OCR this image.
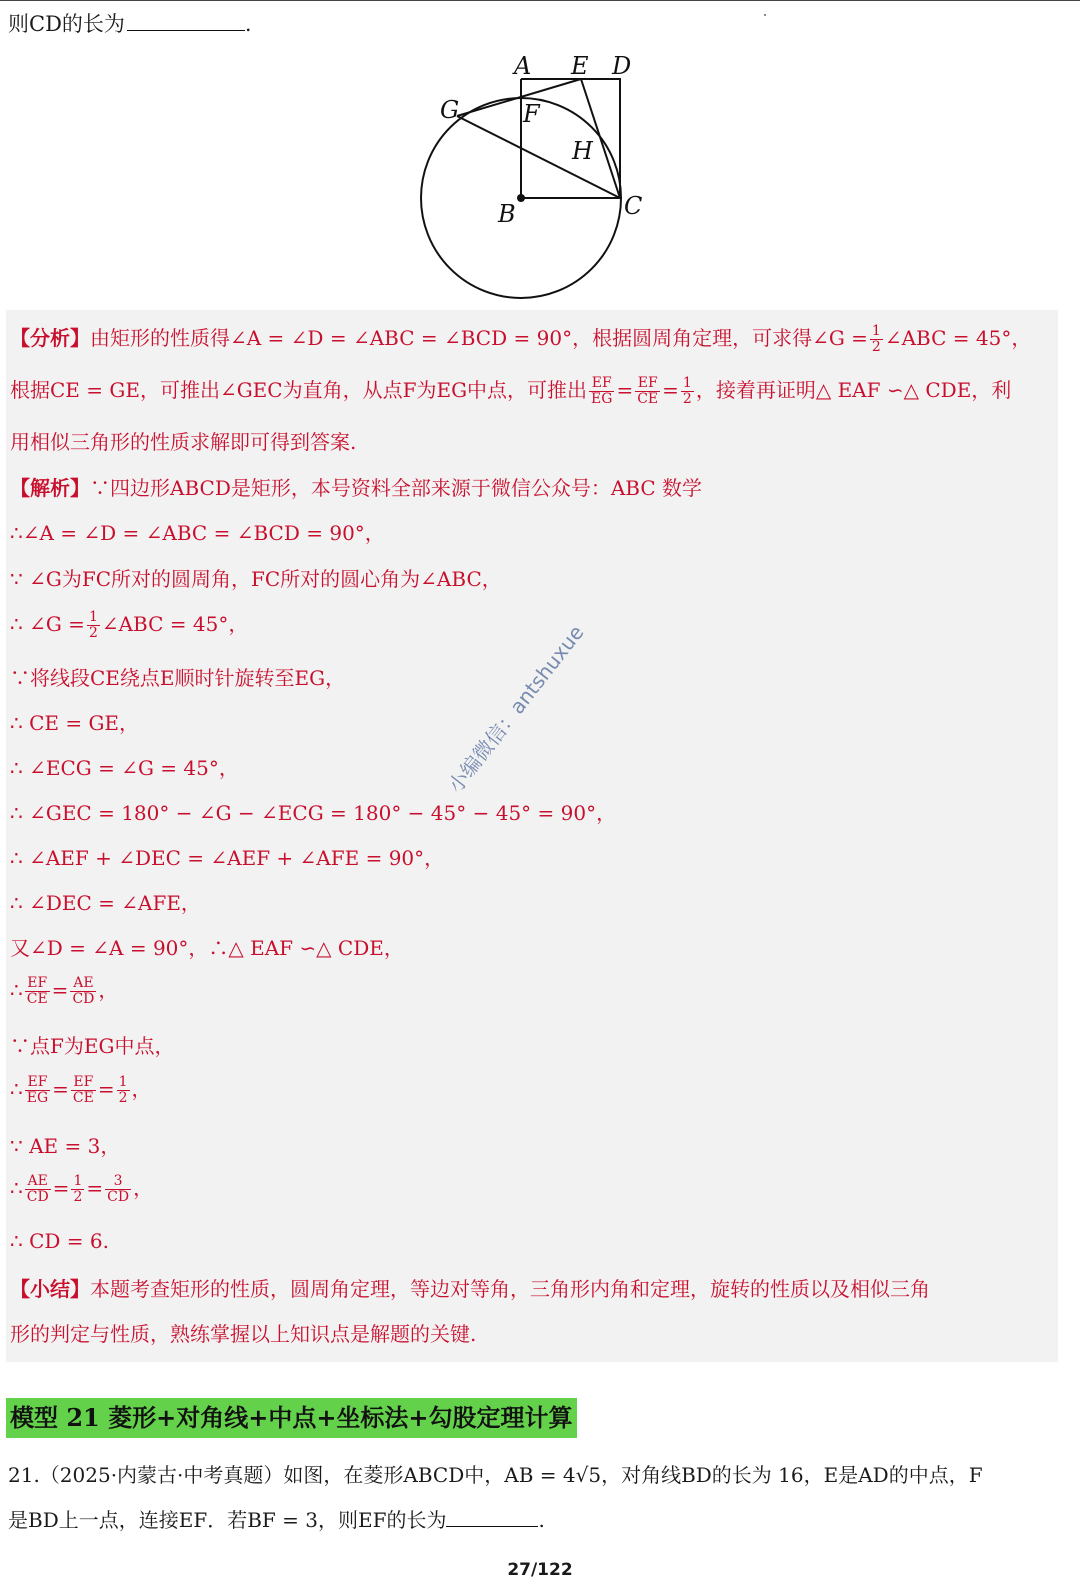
则CD的长为	.
A E D
G	F
H
B	C
【分析】由矩形的性质得∠A = ∠D = ∠ABC = ∠BCD = 90°，根据圆周角定理，可求得∠G = $\frac{1}{2}$ ∠ABC = 45°，
根据CE = GE，可推出∠GEC为直角，从点F为EG中点，可推出 $\frac{EF}{EG} = \frac{EF}{CE} = \frac{1}{2}$ ，接着再证明△ EAF ∽△ CDE，利
用相似三角形的性质求解即可得到答案.
【解析】∵四边形ABCD是矩形，本号资料全部来源于微信公众号：ABC 数学
∴∠A = ∠D = ∠ABC = ∠BCD = 90°，
∵ ∠G为FC所对的圆周角，FC所对的圆心角为∠ABC，
∴ ∠G = $\frac{1}{2}$ ∠ABC = 45°，
∵将线段CE绕点E顺时针旋转至EG，
∴ CE = GE，
∴ ∠ECG = ∠G = 45°，
∴ ∠GEC = 180° − ∠G − ∠ECG = 180° − 45° − 45° = 90°，
∴ ∠AEF + ∠DEC = ∠AEF + ∠AFE = 90°，
∴ ∠DEC = ∠AFE，
又∠D = ∠A = 90°，∴△ EAF ∽△ CDE，
∴ $\frac{EF}{CE} = \frac{AE}{CD}$ ，
∵点F为EG中点，
∴ $\frac{EF}{EG} = \frac{EF}{CE} = \frac{1}{2}$ ，
∵ AE = 3，
∴ $\frac{AE}{CD} = \frac{1}{2} = \frac{3}{CD}$ ，
∴ CD = 6.
【小结】本题考查矩形的性质，圆周角定理，等边对等角，三角形内角和定理，旋转的性质以及相似三角
形的判定与性质，熟练掌握以上知识点是解题的关键.
小编微信：antshuxue
模型 21 菱形+对角线+中点+坐标法+勾股定理计算
21.（2025·内蒙古·中考真题）如图，在菱形ABCD中，AB = 4√5，对角线BD的长为 16，E是AD的中点，F
是BD上一点，连接EF．若BF = 3，则EF的长为	.
27/122
